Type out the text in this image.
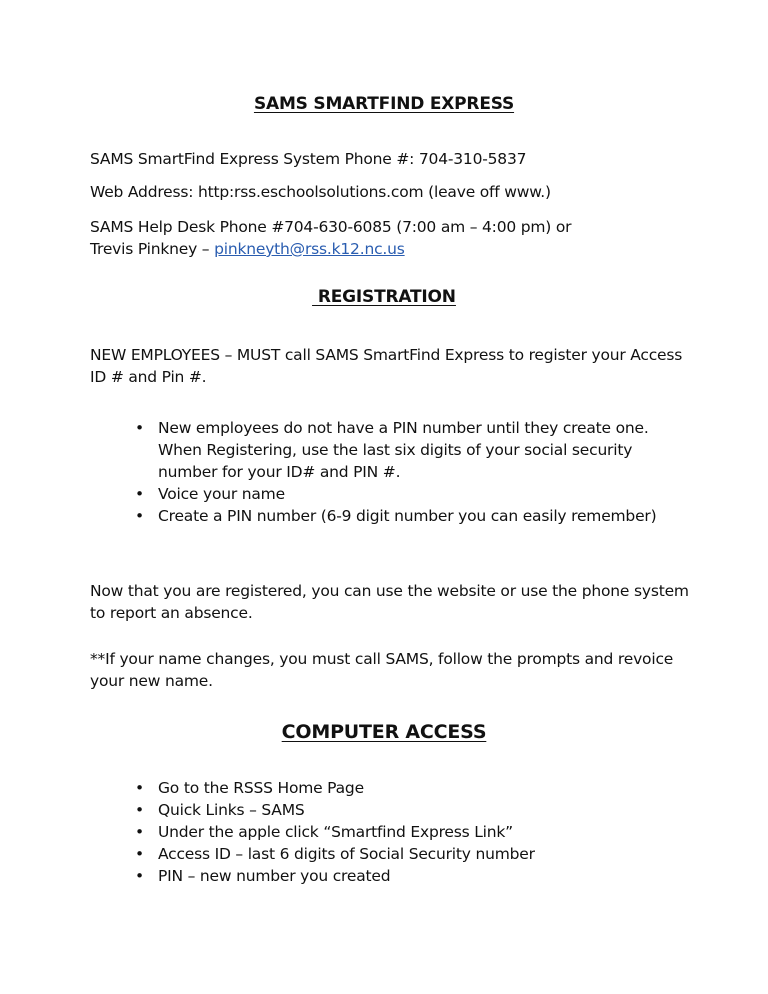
SAMS SMARTFIND EXPRESS

SAMS SmartFind Express System Phone #: 704-310-5837

Web Address: http:rss.eschoolsolutions.com (leave off www.)

SAMS Help Desk Phone #704-630-6085 (7:00 am – 4:00 pm) or
Trevis Pinkney – pinkneyth@rss.k12.nc.us

REGISTRATION

NEW EMPLOYEES – MUST call SAMS SmartFind Express to register your Access ID # and Pin #.

• New employees do not have a PIN number until they create one. When Registering, use the last six digits of your social security number for your ID# and PIN #.
• Voice your name
• Create a PIN number (6-9 digit number you can easily remember)

Now that you are registered, you can use the website or use the phone system to report an absence.

**If your name changes, you must call SAMS, follow the prompts and revoice your new name.

COMPUTER ACCESS
• Go to the RSSS Home Page
• Quick Links – SAMS
• Under the apple click “Smartfind Express Link”
• Access ID – last 6 digits of Social Security number
• PIN – new number you created
